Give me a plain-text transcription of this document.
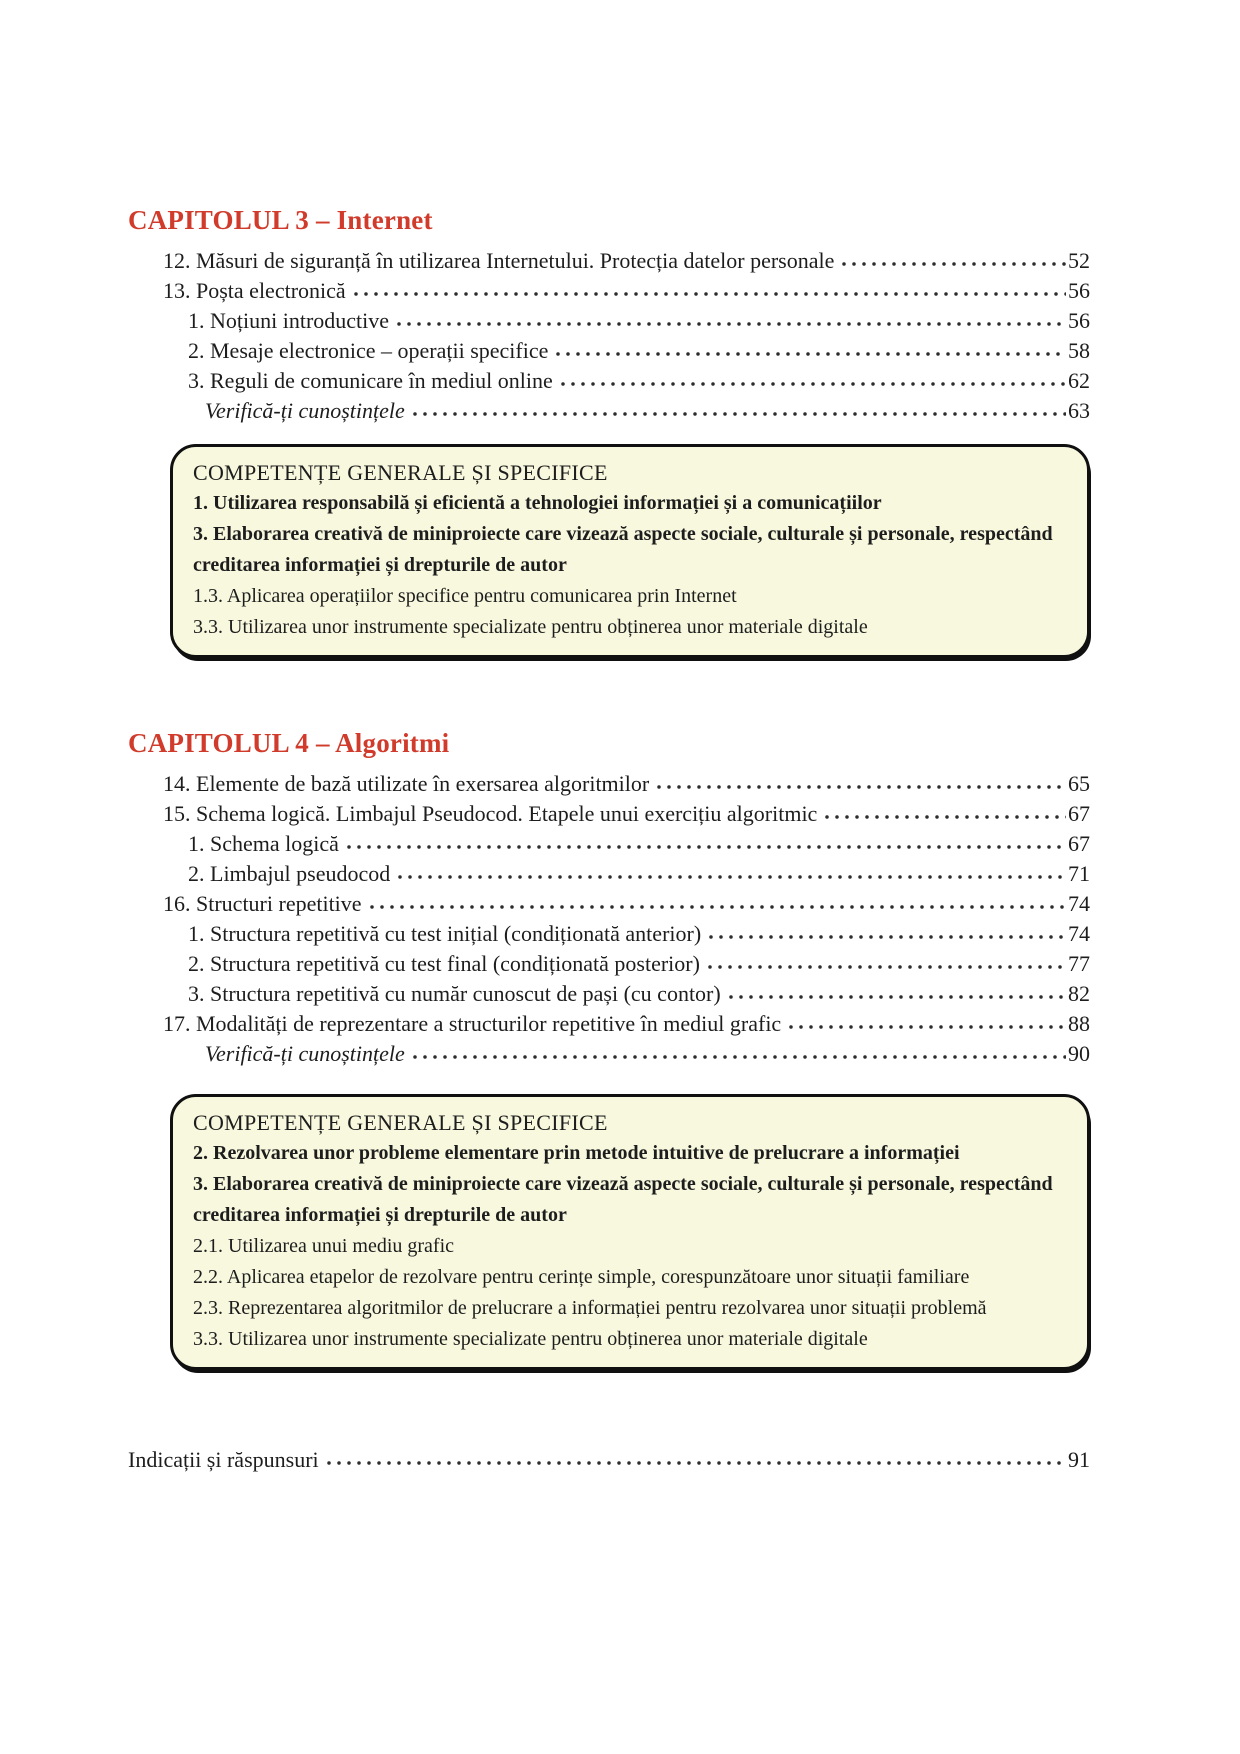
CAPITOLUL 3 – Internet
12. Măsuri de siguranță în utilizarea Internetului. Protecția datelor personale	52
13. Poșta electronică	56
1. Noțiuni introductive	56
2. Mesaje electronice – operații specifice	58
3. Reguli de comunicare în mediul online	62
Verifică-ți cunoștințele	63
COMPETENȚE GENERALE ȘI SPECIFICE
1. Utilizarea responsabilă și eficientă a tehnologiei informației și a comunicațiilor
3. Elaborarea creativă de miniproiecte care vizează aspecte sociale, culturale și personale, respectând creditarea informației și drepturile de autor
1.3. Aplicarea operațiilor specifice pentru comunicarea prin Internet
3.3. Utilizarea unor instrumente specializate pentru obținerea unor materiale digitale
CAPITOLUL 4 – Algoritmi
14. Elemente de bază utilizate în exersarea algoritmilor	65
15. Schema logică. Limbajul Pseudocod. Etapele unui exercițiu algoritmic	67
1. Schema logică	67
2. Limbajul pseudocod	71
16. Structuri repetitive	74
1. Structura repetitivă cu test inițial (condiționată anterior)	74
2. Structura repetitivă cu test final (condiționată posterior)	77
3. Structura repetitivă cu număr cunoscut de pași (cu contor)	82
17. Modalități de reprezentare a structurilor repetitive în mediul grafic	88
Verifică-ți cunoștințele	90
COMPETENȚE GENERALE ȘI SPECIFICE
2. Rezolvarea unor probleme elementare prin metode intuitive de prelucrare a informației
3. Elaborarea creativă de miniproiecte care vizează aspecte sociale, culturale și personale, respectând creditarea informației și drepturile de autor
2.1. Utilizarea unui mediu grafic
2.2. Aplicarea etapelor de rezolvare pentru cerințe simple, corespunzătoare unor situații familiare
2.3. Reprezentarea algoritmilor de prelucrare a informației pentru rezolvarea unor situații problemă
3.3. Utilizarea unor instrumente specializate pentru obținerea unor materiale digitale
Indicații și răspunsuri	91
